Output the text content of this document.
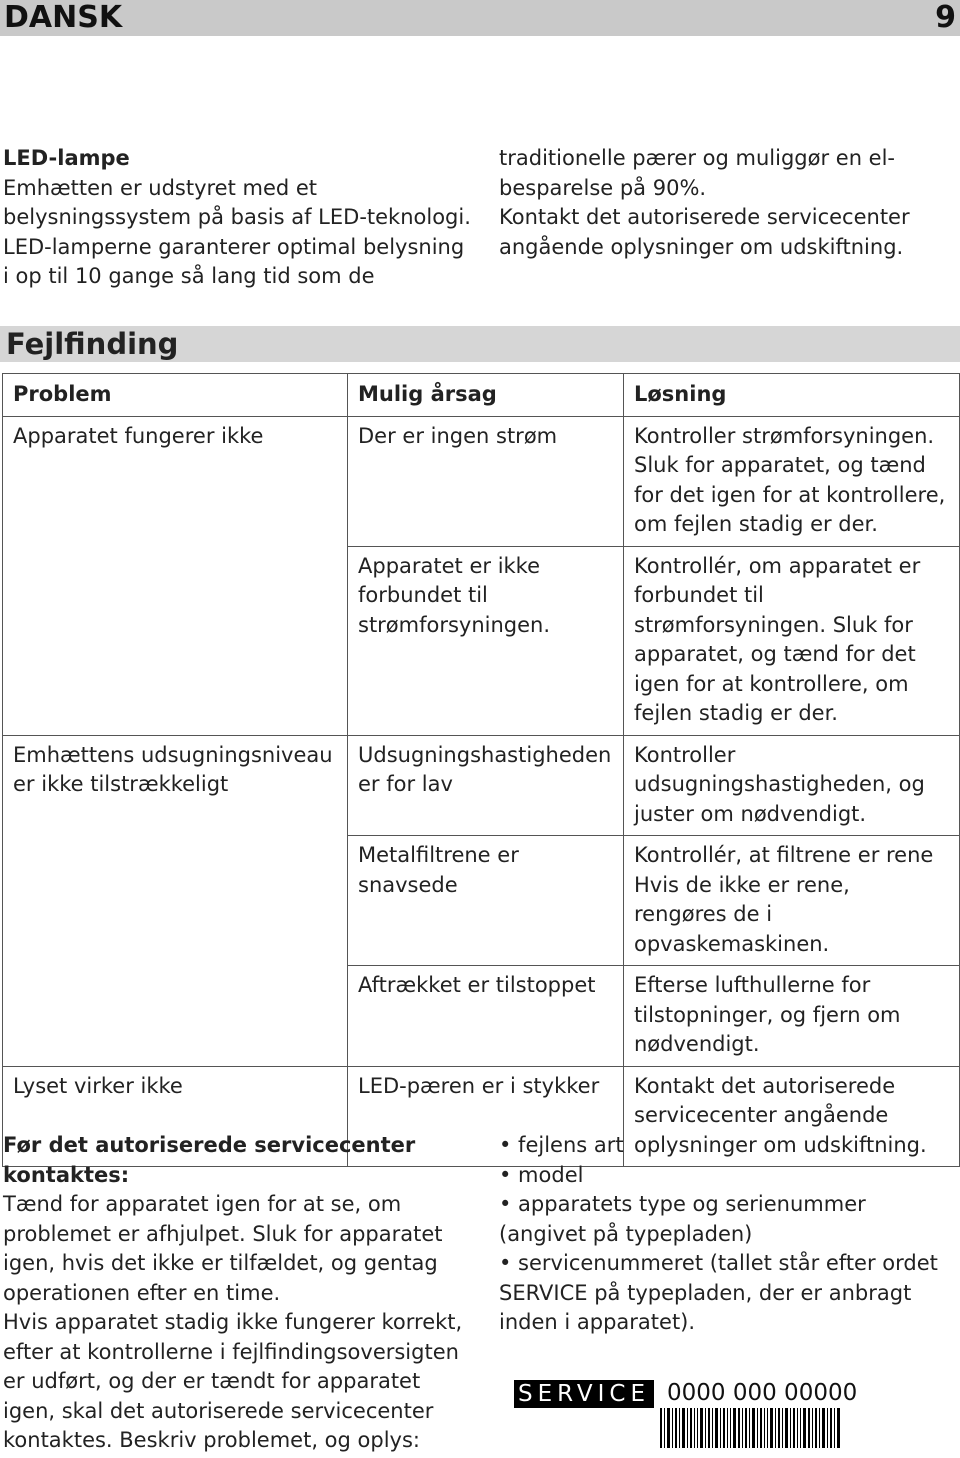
DANSK	9

LED-lampe

Emhætten er udstyret med et

belysningssystem på basis af LED-teknologi.

LED-lamperne garanterer optimal belysning

i op til 10 gange så lang tid som de

traditionelle pærer og muliggør en el-

besparelse på 90%.

Kontakt det autoriserede servicecenter

angående oplysninger om udskiftning.

Fejlfinding
Problem	Mulig årsag	Løsning
Apparatet fungerer ikke	Der er ingen strøm	Kontroller strømforsyningen. Sluk for apparatet, og tænd for det igen for at kontrollere, om fejlen stadig er der.
	Apparatet er ikke forbundet til strømforsyningen.	Kontrollér, om apparatet er forbundet til strømforsyningen. Sluk for apparatet, og tænd for det igen for at kontrollere, om fejlen stadig er der.
Emhættens udsugningsniveau er ikke tilstrækkeligt	Udsugningshastigheden er for lav	Kontroller udsugningshastigheden, og juster om nødvendigt.
	Metalfiltrene er snavsede	Kontrollér, at filtrene er rene Hvis de ikke er rene, rengøres de i opvaskemaskinen.
	Aftrækket er tilstoppet	Efterse lufthullerne for tilstopninger, og fjern om nødvendigt.
Lyset virker ikke	LED-pæren er i stykker	Kontakt det autoriserede servicecenter angående oplysninger om udskiftning.

Før det autoriserede servicecenter kontaktes:

Tænd for apparatet igen for at se, om problemet er afhjulpet. Sluk for apparatet igen, hvis det ikke er tilfældet, og gentag operationen efter en time.

Hvis apparatet stadig ikke fungerer korrekt, efter at kontrollerne i fejlfindingsoversigten er udført, og der er tændt for apparatet igen, skal det autoriserede servicecenter kontaktes. Beskriv problemet, og oplys:

• fejlens art
• model
• apparatets type og serienummer (angivet på typepladen)
• servicenummeret (tallet står efter ordet SERVICE på typepladen, der er anbragt inden i apparatet).
SERVICE 0000 000 00000
